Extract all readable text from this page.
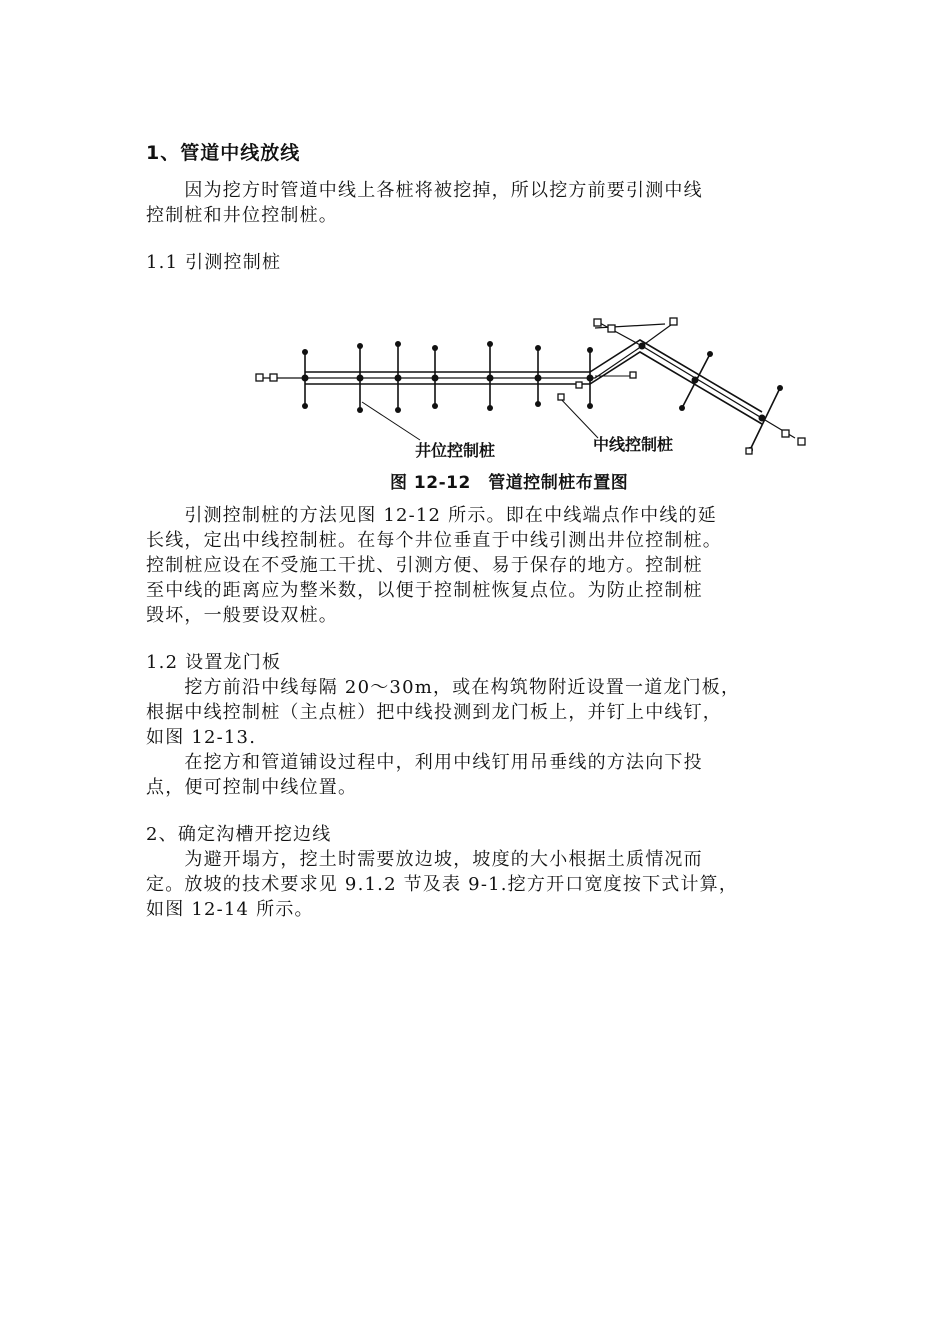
1、管道中线放线
　　因为挖方时管道中线上各桩将被挖掉，所以挖方前要引测中线
控制桩和井位控制桩。
1.1 引测控制桩
井位控制桩	中线控制桩
图 12-12　管道控制桩布置图
　　引测控制桩的方法见图 12-12 所示。即在中线端点作中线的延
长线，定出中线控制桩。在每个井位垂直于中线引测出井位控制桩。
控制桩应设在不受施工干扰、引测方便、易于保存的地方。控制桩
至中线的距离应为整米数，以便于控制桩恢复点位。为防止控制桩
毁坏，一般要设双桩。
1.2 设置龙门板
　　挖方前沿中线每隔 20～30m，或在构筑物附近设置一道龙门板，
根据中线控制桩（主点桩）把中线投测到龙门板上，并钉上中线钉，
如图 12-13.
　　在挖方和管道铺设过程中，利用中线钉用吊垂线的方法向下投
点，便可控制中线位置。
2、确定沟槽开挖边线
　　为避开塌方，挖土时需要放边坡，坡度的大小根据土质情况而
定。放坡的技术要求见 9.1.2 节及表 9-1.挖方开口宽度按下式计算，
如图 12-14 所示。
